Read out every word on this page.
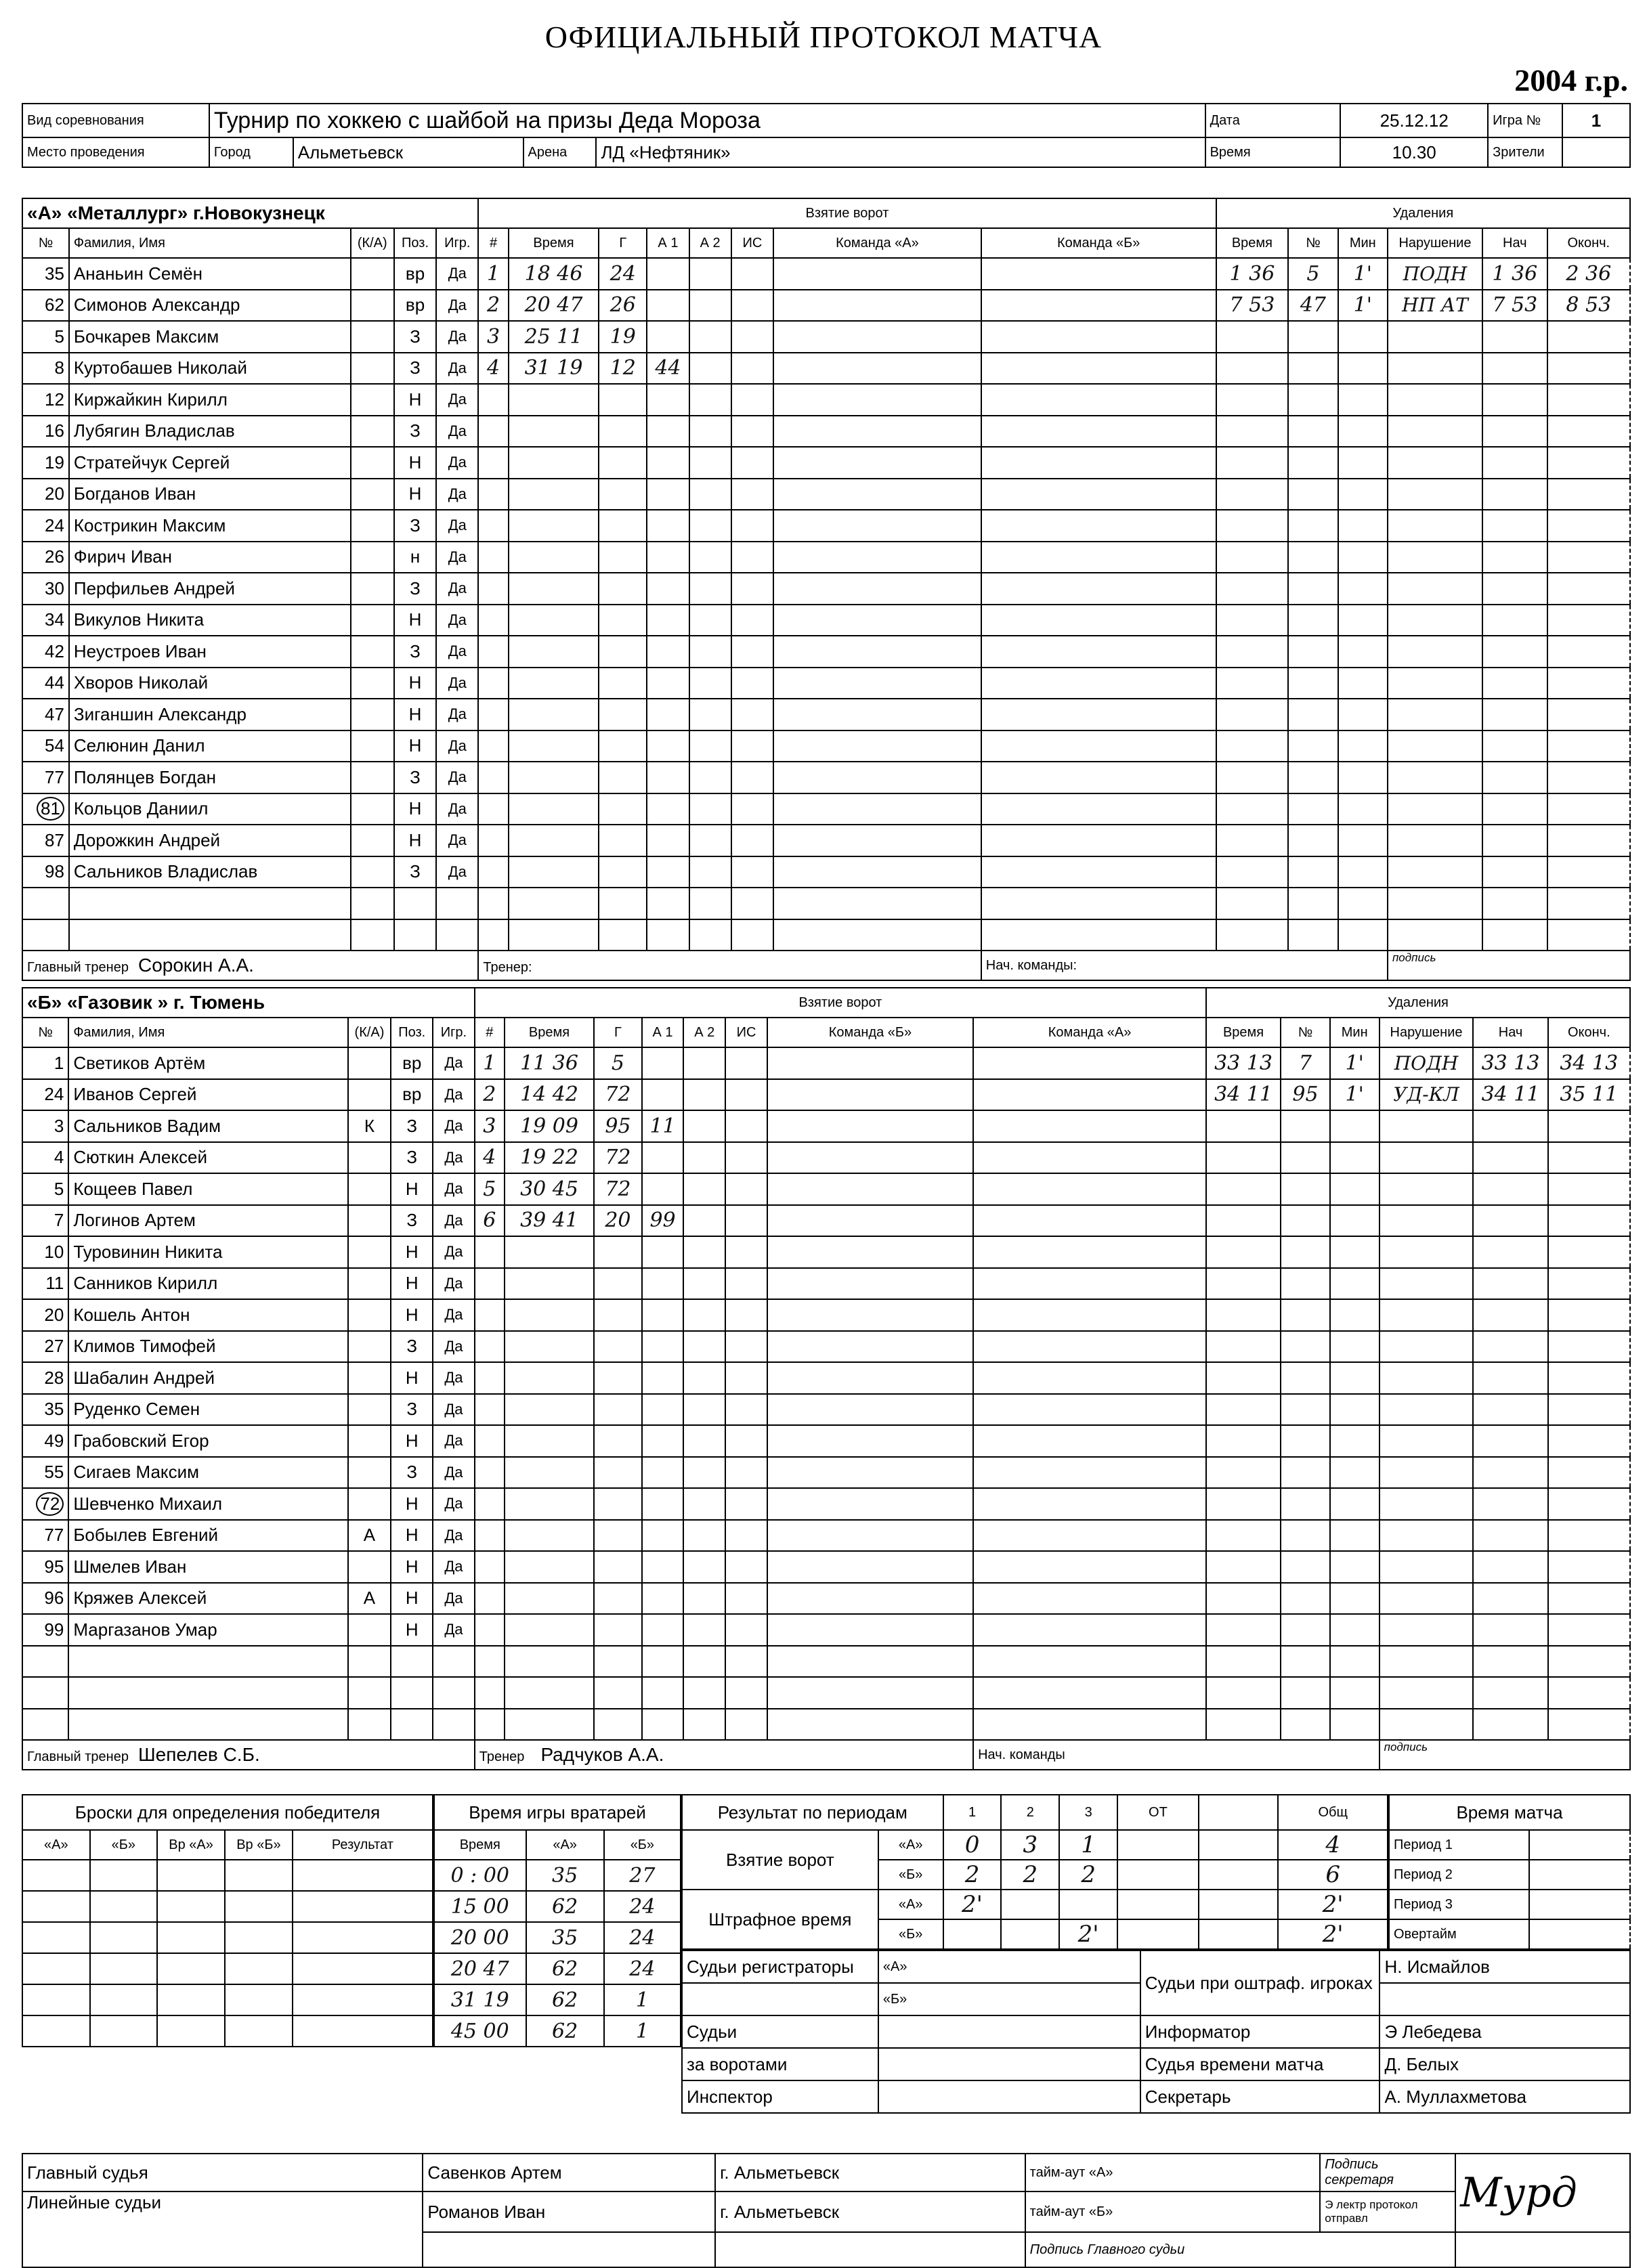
ОФИЦИАЛЬНЫЙ ПРОТОКОЛ МАТЧА
2004 г.р.
Вид соревнования	Турнир по хоккею с шайбой на призы Деда Мороза				Дата	25.12.12	Игра №	1
Место проведения	Город	Альметьевск	Арена	ЛД «Нефтяник»	Время	10.30	Зрители	
«А» «Металлург» г.Новокузнецк					Взятие ворот								Удаления					
№	Фамилия, Имя	(К/А)	Поз.	Игр.	#	Время	Г	А 1	А 2	ИС	Команда «А»	Команда «Б»	Время	№	Мин	Нарушение	Нач	Оконч.
35	Ананьин Семён		вр	Да	1	18 46	24						1 36	5	1'	ПОДН	1 36	2 36
62	Симонов Александр		вр	Да	2	20 47	26						7 53	47	1'	НП АТ	7 53	8 53
5	Бочкарев Максим		З	Да	3	25 11	19											
8	Куртобашев Николай		З	Да	4	31 19	12	44										
12	Киржайкин Кирилл		Н	Да														
16	Лубягин Владислав		З	Да														
19	Стратейчук Сергей		Н	Да														
20	Богданов Иван		Н	Да														
24	Кострикин Максим		З	Да														
26	Фирич Иван		н	Да														
30	Перфильев Андрей		З	Да														
34	Викулов Никита		Н	Да														
42	Неустроев Иван		З	Да														
44	Хворов Николай		Н	Да														
47	Зиганшин Александр		Н	Да														
54	Селюнин Данил		Н	Да														
77	Полянцев Богдан		З	Да														
81	Кольцов Даниил		Н	Да														
87	Дорожкин Андрей		Н	Да														
98	Сальников Владислав		З	Да														

Главный тренер Сорокин А.А.					Тренер:							Нач. команды:				подпись		
«Б» «Газовик » г. Тюмень					Взятие ворот								Удаления					
№	Фамилия, Имя	(К/А)	Поз.	Игр.	#	Время	Г	А 1	А 2	ИС	Команда «Б»	Команда «А»	Время	№	Мин	Нарушение	Нач	Оконч.
1	Светиков Артём		вр	Да	1	11 36	5						33 13	7	1'	ПОДН	33 13	34 13
24	Иванов Сергей		вр	Да	2	14 42	72						34 11	95	1'	УД-КЛ	34 11	35 11
3	Сальников Вадим	К	З	Да	3	19 09	95	11										
4	Сюткин Алексей		З	Да	4	19 22	72											
5	Кощеев Павел		Н	Да	5	30 45	72											
7	Логинов Артем		З	Да	6	39 41	20	99										
10	Туровинин Никита		Н	Да														
11	Санников Кирилл		Н	Да														
20	Кошель Антон		Н	Да														
27	Климов Тимофей		З	Да														
28	Шабалин Андрей		Н	Да														
35	Руденко Семен		З	Да														
49	Грабовский Егор		Н	Да														
55	Сигаев Максим		З	Да														
72	Шевченко Михаил		Н	Да														
77	Бобылев Евгений	А	Н	Да														
95	Шмелев Иван		Н	Да														
96	Кряжев Алексей	А	Н	Да														
99	Маргазанов Умар		Н	Да														

Главный тренер Шепелев С.Б.					Тренер Радчуков А.А.							Нач. команды				подпись		
Броски для определения победителя				
«А»	«Б»	Вр «А»	Вр «Б»	Результат

Время игры вратарей		
Время	«А»	«Б»
0 : 00	35	27
15 00	62	24
20 00	35	24
20 47	62	24
31 19	62	1
45 00	62	1
Результат по периодам		1	2	3	ОТ		Общ
Взятие ворот	«А»	0	3	1			4
	«Б»	2	2	2			6
Штрафное время	«А»	2'					2'
	«Б»			2'			2'
Время матча	
Период 1	
Период 2	
Период 3	
Овертайм	
Судьи регистраторы	«А»	Судьи при оштраф. игроках	Н. Исмайлов
	«Б»		
Судьи		Информатор	Э Лебедева
за воротами		Судья времени матча	Д. Белых
Инспектор		Секретарь	А. Муллахметова
Главный судья	Савенков Артем	г. Альметьевск	тайм-аут «А»	Подпись секретаря	Мурд
Линейные судьи	Романов Иван	г. Альметьевск	тайм-аут «Б»	Э лектр протокол отправл	
			Подпись Главного судьи		
